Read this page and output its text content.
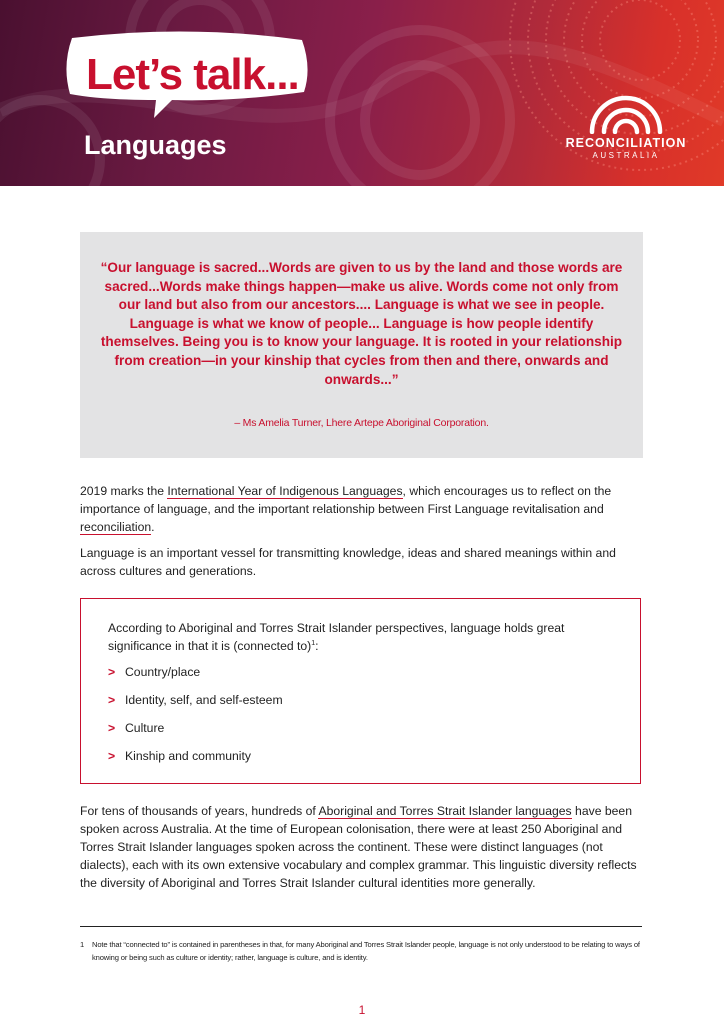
Let’s talk...
Languages	RECONCILIATION
AUSTRALIA

“Our language is sacred...Words are given to us by the land and those words are sacred...Words make things happen—make us alive. Words come not only from our land but also from our ancestors.... Language is what we see in people. Language is what we know of people... Language is how people identify themselves. Being you is to know your language. It is rooted in your relationship from creation—in your kinship that cycles from then and there, onwards and onwards...”

– Ms Amelia Turner, Lhere Artepe Aboriginal Corporation.

2019 marks the International Year of Indigenous Languages, which encourages us to reflect on the importance of language, and the important relationship between First Language revitalisation and reconciliation.

Language is an important vessel for transmitting knowledge, ideas and shared meanings within and across cultures and generations.

According to Aboriginal and Torres Strait Islander perspectives, language holds great significance in that it is (connected to)$^1$:

> Country/place
> Identity, self, and self-esteem
> Culture
> Kinship and community

For tens of thousands of years, hundreds of Aboriginal and Torres Strait Islander languages have been spoken across Australia. At the time of European colonisation, there were at least 250 Aboriginal and Torres Strait Islander languages spoken across the continent. These were distinct languages (not dialects), each with its own extensive vocabulary and complex grammar. This linguistic diversity reflects the diversity of Aboriginal and Torres Strait Islander cultural identities more generally.

1	Note that “connected to” is contained in parentheses in that, for many Aboriginal and Torres Strait Islander people, language is not only understood to be relating to ways of knowing or being such as culture or identity; rather, language is culture, and is identity.

1
